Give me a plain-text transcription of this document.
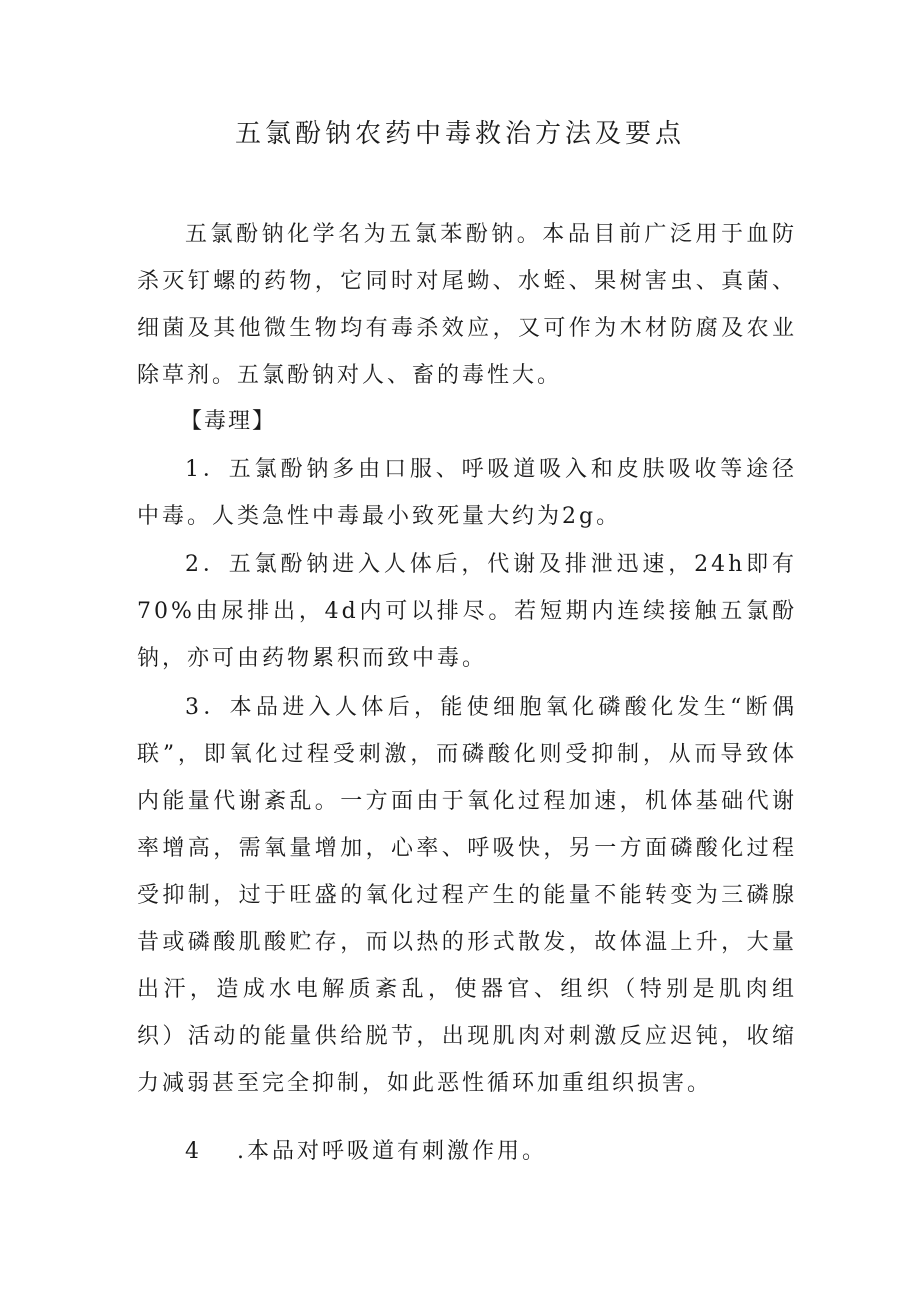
五氯酚钠农药中毒救治方法及要点

五氯酚钠化学名为五氯苯酚钠。本品目前广泛用于血防杀灭钉螺的药物，它同时对尾蚴、水蛭、果树害虫、真菌、细菌及其他微生物均有毒杀效应，又可作为木材防腐及农业除草剂。五氯酚钠对人、畜的毒性大。

【毒理】

1．五氯酚钠多由口服、呼吸道吸入和皮肤吸收等途径中毒。人类急性中毒最小致死量大约为2g。

2．五氯酚钠进入人体后，代谢及排泄迅速，24h即有70%由尿排出，4d内可以排尽。若短期内连续接触五氯酚钠，亦可由药物累积而致中毒。

3．本品进入人体后，能使细胞氧化磷酸化发生“断偶联”，即氧化过程受刺激，而磷酸化则受抑制，从而导致体内能量代谢紊乱。一方面由于氧化过程加速，机体基础代谢率增高，需氧量增加，心率、呼吸快，另一方面磷酸化过程受抑制，过于旺盛的氧化过程产生的能量不能转变为三磷腺昔或磷酸肌酸贮存，而以热的形式散发，故体温上升，大量出汗，造成水电解质紊乱，使器官、组织（特别是肌肉组织）活动的能量供给脱节，出现肌肉对刺激反应迟钝，收缩力减弱甚至完全抑制，如此恶性循环加重组织损害。

4 .本品对呼吸道有刺激作用。
